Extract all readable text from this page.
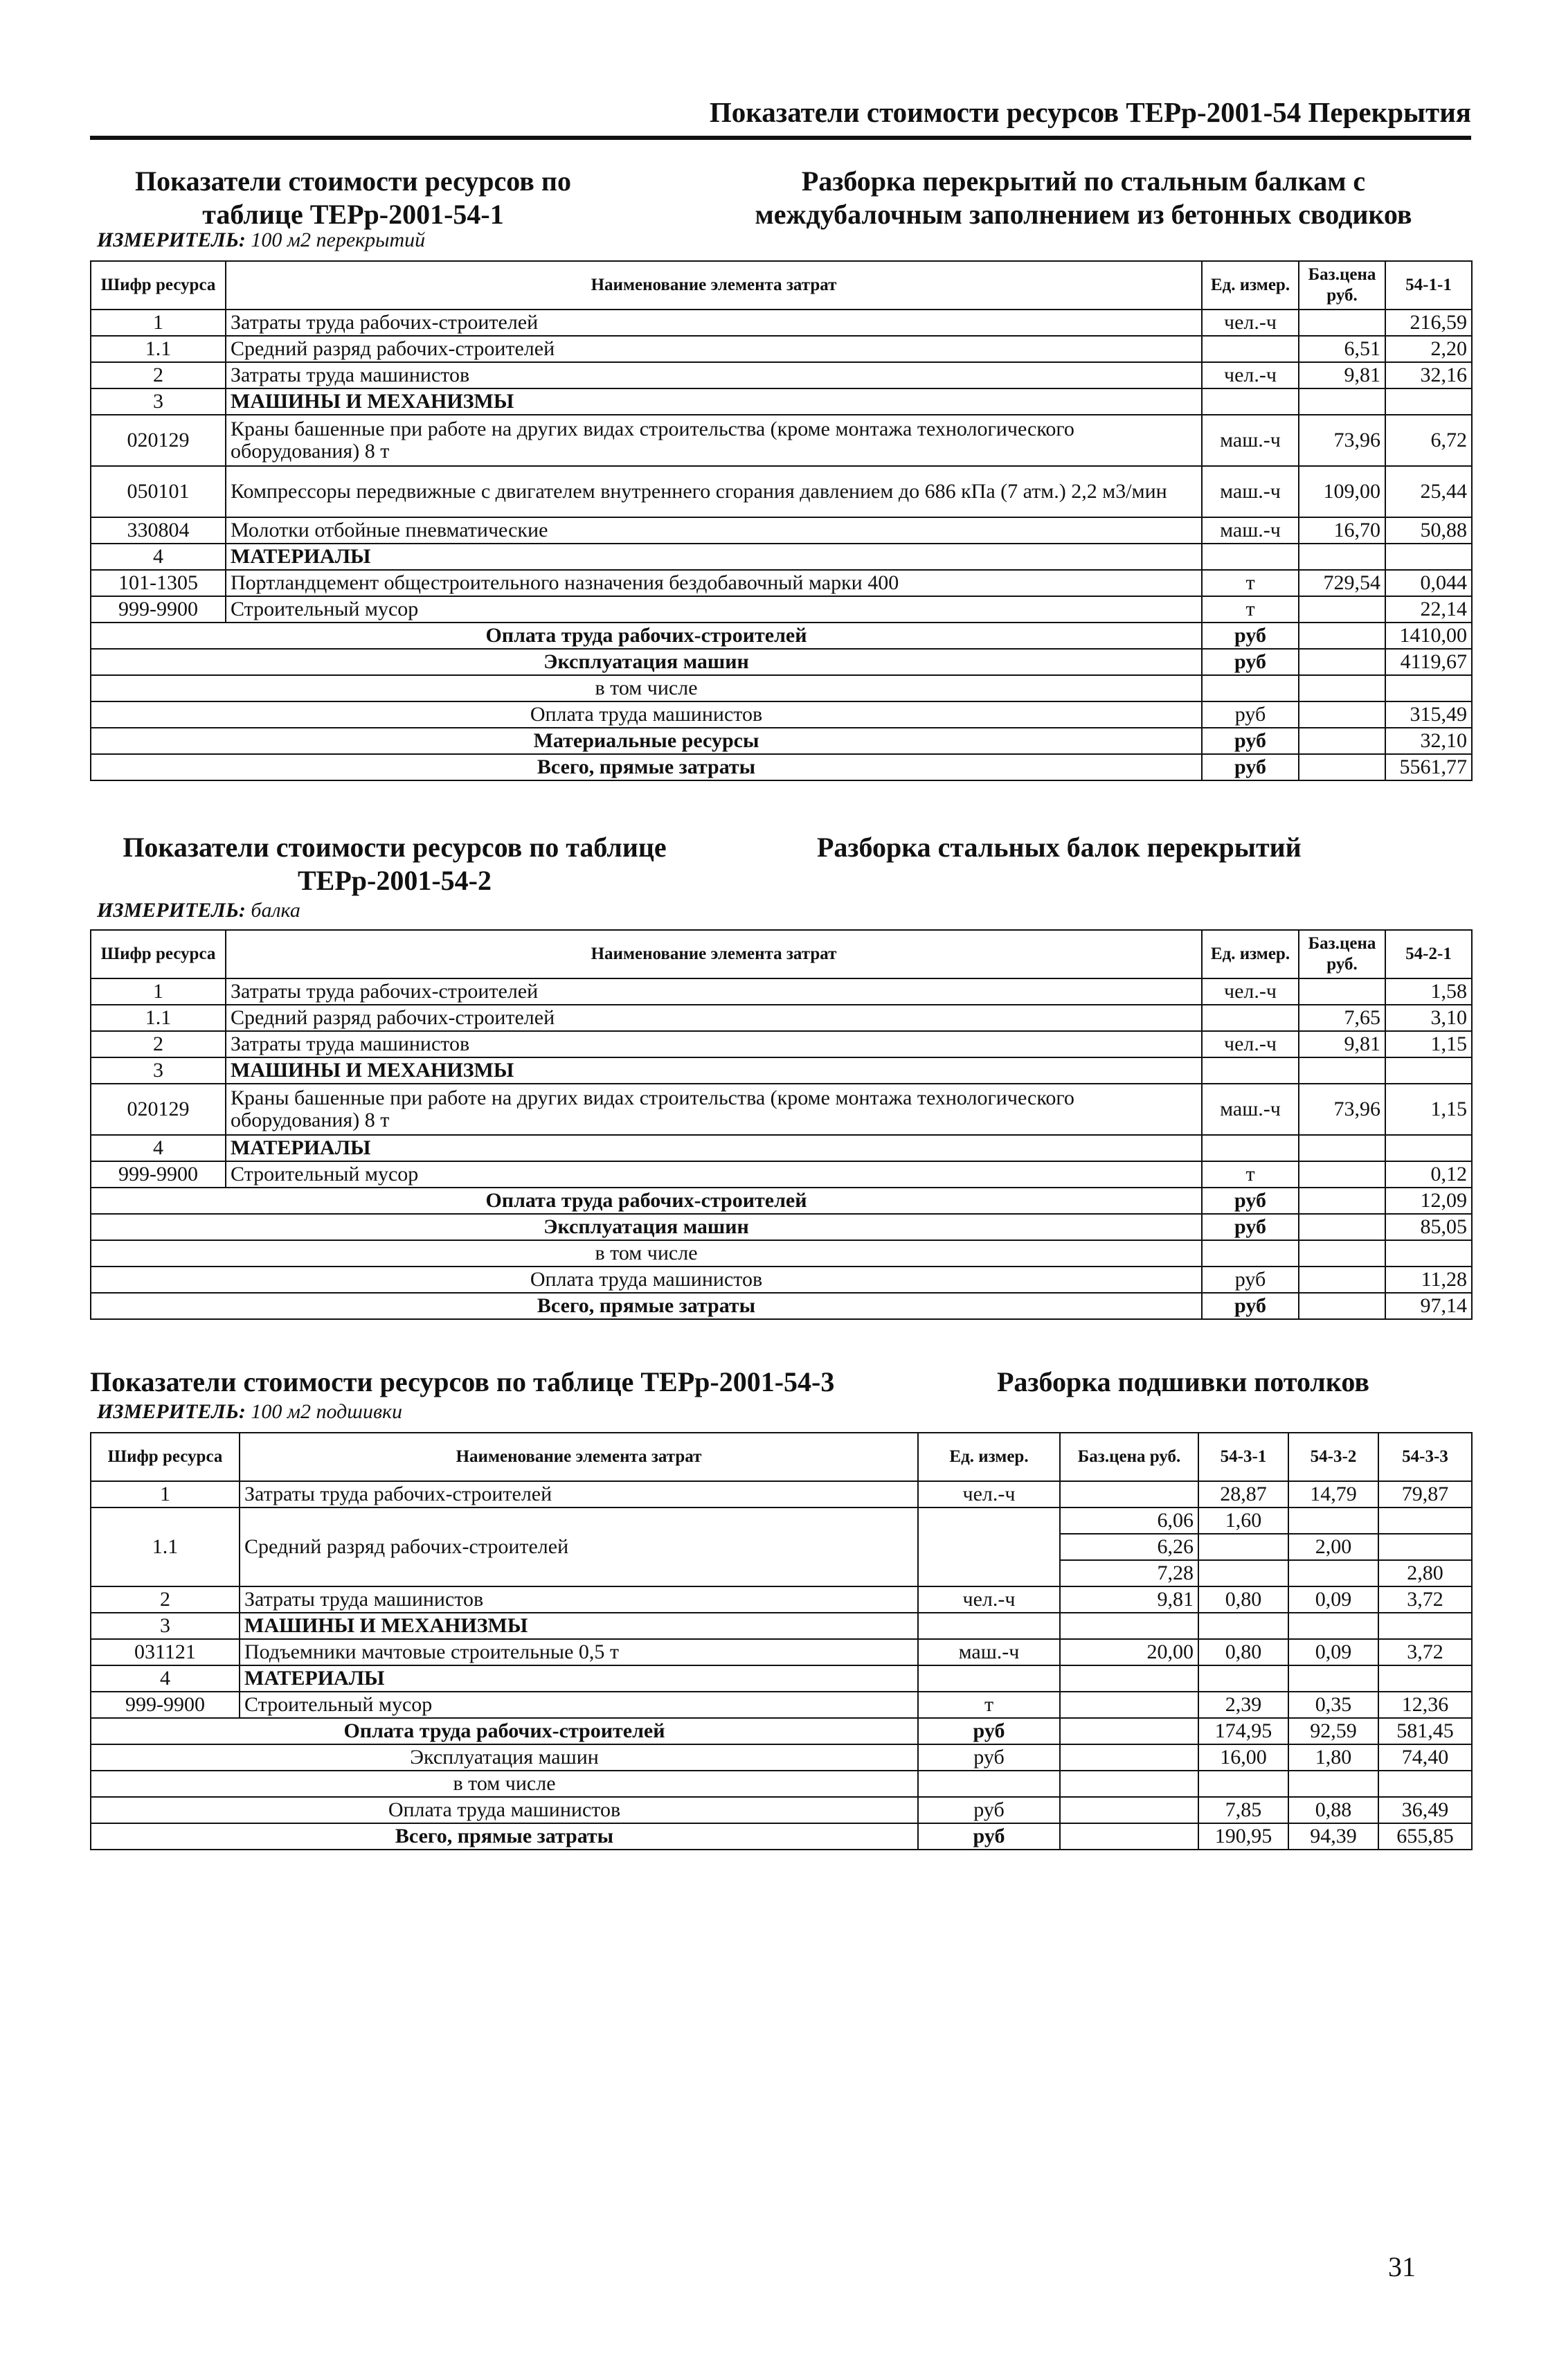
Показатели стоимости ресурсов ТЕРр-2001-54 Перекрытия
Показатели стоимости ресурсов по таблице ТЕРр-2001-54-1
Разборка перекрытий по стальным балкам с междубалочным заполнением из бетонных сводиков
ИЗМЕРИТЕЛЬ: 100 м2 перекрытий
Шифр ресурса	Наименование элемента затрат	Ед. измер.	Баз.цена руб.	54-1-1
1	Затраты труда рабочих-строителей	чел.-ч		216,59
1.1	Средний разряд рабочих-строителей		6,51	2,20
2	Затраты труда машинистов	чел.-ч	9,81	32,16
3	МАШИНЫ И МЕХАНИЗМЫ			
020129	Краны башенные при работе на других видах строительства (кроме монтажа технологического оборудования) 8 т	маш.-ч	73,96	6,72
050101	Компрессоры передвижные с двигателем внутреннего сгорания давлением до 686 кПа (7 атм.) 2,2 м3/мин	маш.-ч	109,00	25,44
330804	Молотки отбойные пневматические	маш.-ч	16,70	50,88
4	МАТЕРИАЛЫ			
101-1305	Портландцемент общестроительного назначения бездобавочный марки 400	т	729,54	0,044
999-9900	Строительный мусор	т		22,14
Оплата труда рабочих-строителей		руб		1410,00
Эксплуатация машин		руб		4119,67
в том числе				
Оплата труда машинистов		руб		315,49
Материальные ресурсы		руб		32,10
Всего, прямые затраты		руб		5561,77
Показатели стоимости ресурсов по таблице ТЕРр-2001-54-2
Разборка стальных балок перекрытий
ИЗМЕРИТЕЛЬ: балка
Шифр ресурса	Наименование элемента затрат	Ед. измер.	Баз.цена руб.	54-2-1
1	Затраты труда рабочих-строителей	чел.-ч		1,58
1.1	Средний разряд рабочих-строителей		7,65	3,10
2	Затраты труда машинистов	чел.-ч	9,81	1,15
3	МАШИНЫ И МЕХАНИЗМЫ			
020129	Краны башенные при работе на других видах строительства (кроме монтажа технологического оборудования) 8 т	маш.-ч	73,96	1,15
4	МАТЕРИАЛЫ			
999-9900	Строительный мусор	т		0,12
Оплата труда рабочих-строителей		руб		12,09
Эксплуатация машин		руб		85,05
в том числе				
Оплата труда машинистов		руб		11,28
Всего, прямые затраты		руб		97,14
Показатели стоимости ресурсов по таблице ТЕРр-2001-54-3	Разборка подшивки потолков
ИЗМЕРИТЕЛЬ: 100 м2 подшивки
Шифр ресурса	Наименование элемента затрат	Ед. измер.	Баз.цена руб.	54-3-1	54-3-2	54-3-3
1	Затраты труда рабочих-строителей	чел.-ч		28,87	14,79	79,87
1.1	Средний разряд рабочих-строителей		6,06	1,60		
			6,26		2,00	
			7,28			2,80
2	Затраты труда машинистов	чел.-ч	9,81	0,80	0,09	3,72
3	МАШИНЫ И МЕХАНИЗМЫ					
031121	Подъемники мачтовые строительные 0,5 т	маш.-ч	20,00	0,80	0,09	3,72
4	МАТЕРИАЛЫ					
999-9900	Строительный мусор	т		2,39	0,35	12,36
Оплата труда рабочих-строителей		руб		174,95	92,59	581,45
Эксплуатация машин		руб		16,00	1,80	74,40
в том числе						
Оплата труда машинистов		руб		7,85	0,88	36,49
Всего, прямые затраты		руб		190,95	94,39	655,85
31
